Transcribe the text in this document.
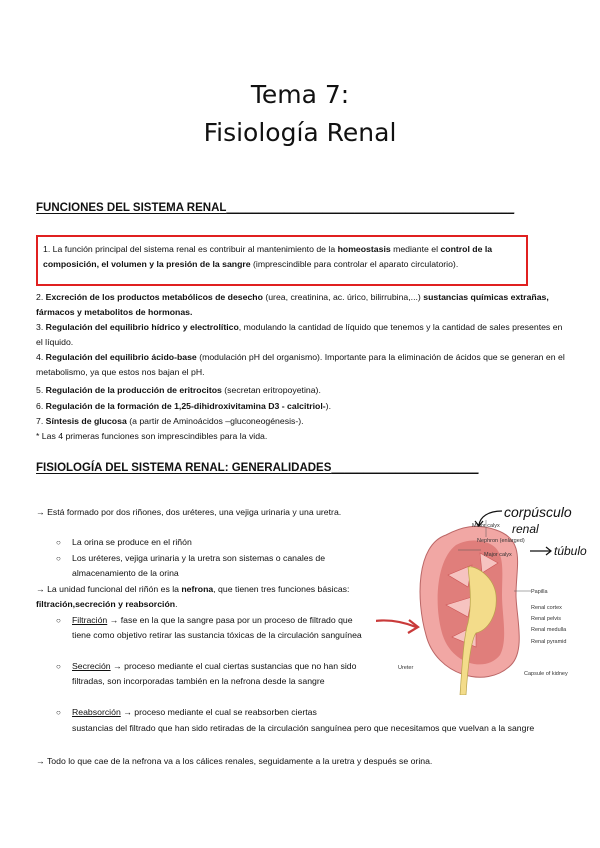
Tema 7:
Fisiología Renal
FUNCIONES DEL SISTEMA RENAL_____________________________________________
1. La función principal del sistema renal es contribuir al mantenimiento de la homeostasis mediante el control de la composición, el volumen y la presión de la sangre (imprescindible para controlar el aparato circulatorio).
2. Excreción de los productos metabólicos de desecho (urea, creatinina, ac. úrico, bilirrubina,...) sustancias químicas extrañas, fármacos y metabolitos de hormonas.
3. Regulación del equilibrio hídrico y electrolítico, modulando la cantidad de líquido que tenemos y la cantidad de sales presentes en el líquido.
4. Regulación del equilibrio ácido-base (modulación pH del organismo). Importante para la eliminación de ácidos que se generan en el metabolismo, ya que estos nos bajan el pH.
5. Regulación de la producción de eritrocitos (secretan eritropoyetina).
6. Regulación de la formación de 1,25-dihidroxivitamina D3 - calcitriol-).
7. Síntesis de glucosa (a partir de Aminoácidos –gluconeogénesis-).
* Las 4 primeras funciones son imprescindibles para la vida.
FISIOLOGÍA DEL SISTEMA RENAL: GENERALIDADES_______________________
→ Está formado por dos riñones, dos uréteres, una vejiga urinaria y una uretra.
○ La orina se produce en el riñón
○ Los uréteres, vejiga urinaria y la uretra son sistemas o canales de almacenamiento de la orina
→ La unidad funcional del riñón es la nefrona, que tienen tres funciones básicas: filtración,secreción y reabsorción.
○ Filtración → fase en la que la sangre pasa por un proceso de filtrado que tiene como objetivo retirar las sustancia tóxicas de la circulación sanguínea
○ Secreción → proceso mediante el cual ciertas sustancias que no han sido filtradas, son incorporadas también en la nefrona desde la sangre
○ Reabsorción → proceso mediante el cual se reabsorben ciertas
sustancias del filtrado que han sido retiradas de la circulación sanguínea pero que necesitamos que vuelvan a la sangre
→ Todo lo que cae de la nefrona va a los cálices renales, seguidamente a la uretra y después se orina.
Minor calyx
Nephron (enlarged)
Major calyx
Papilla
Renal cortex
Renal pelvis
Renal medulla
Renal pyramid
Ureter
Capsule of kidney
corpúsculo
renal
túbulo
